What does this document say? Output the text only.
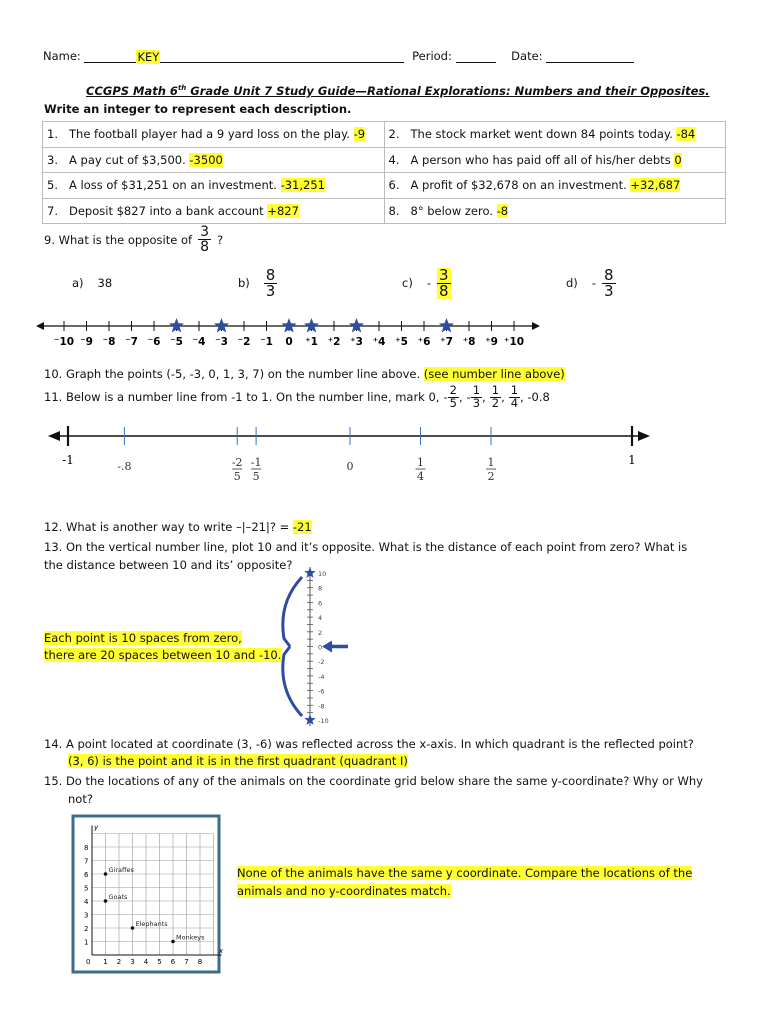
Name:	KEY	Period:	Date:
CCGPS Math 6th Grade Unit 7 Study Guide—Rational Explorations: Numbers and their Opposites.
Write an integer to represent each description.
1. The football player had a 9 yard loss on the play. -9	2. The stock market went down 84 points today. -84
3. A pay cut of $3,500. -3500	4. A person who has paid off all of his/her debts 0
5. A loss of $31,251 on an investment. -31,251	6. A profit of $32,678 on an investment. +32,687
7. Deposit $827 into a bank account +827	8. 8° below zero. -8
9. What is the opposite of $\frac{3}{8}$ ?
a) 38	$b) \frac{8}{3}$	$c) - \frac{3}{8}$	$d) - \frac{8}{3}$
⁻10 ⁻9 ⁻8 ⁻7 ⁻6 ⁻5 ⁻4 ⁻3 ⁻2 ⁻1 0 ⁺1 ⁺2 ⁺3 ⁺4 ⁺5 ⁺6 ⁺7 ⁺8 ⁺9 ⁺10
10. Graph the points (-5, -3, 0, 1, 3, 7) on the number line above. (see number line above)
11. Below is a number line from -1 to 1. On the number line, mark 0, - $\frac{2}{5}$ , - $\frac{1}{3}$ , $\frac{1}{2}$ , $\frac{1}{4}$ , -0.8
-1	1
-.8	-2
5
-1
5
0	1
4
1
2
12. What is another way to write –|–21|? = -21
13. On the vertical number line, plot 10 and it’s opposite. What is the distance of each point from zero? What is
the distance between 10 and its’ opposite?
Each point is 10 spaces from zero,
there are 20 spaces between 10 and -10.
10
8
6
4
2
0
-2
-4
-6
-8
-10
14. A point located at coordinate (3, -6) was reflected across the x-axis. In which quadrant is the reflected point?
(3, 6) is the point and it is in the first quadrant (quadrant I)
15. Do the locations of any of the animals on the coordinate grid below share the same y-coordinate? Why or Why
not?
None of the animals have the same y coordinate. Compare the locations of the
animals and no y-coordinates match.
x
y
0 1 2 3 4 5 6 7 8
1
2
3
4
5
6
7
8
Giraffes
Goats
Elephants
Monkeys
